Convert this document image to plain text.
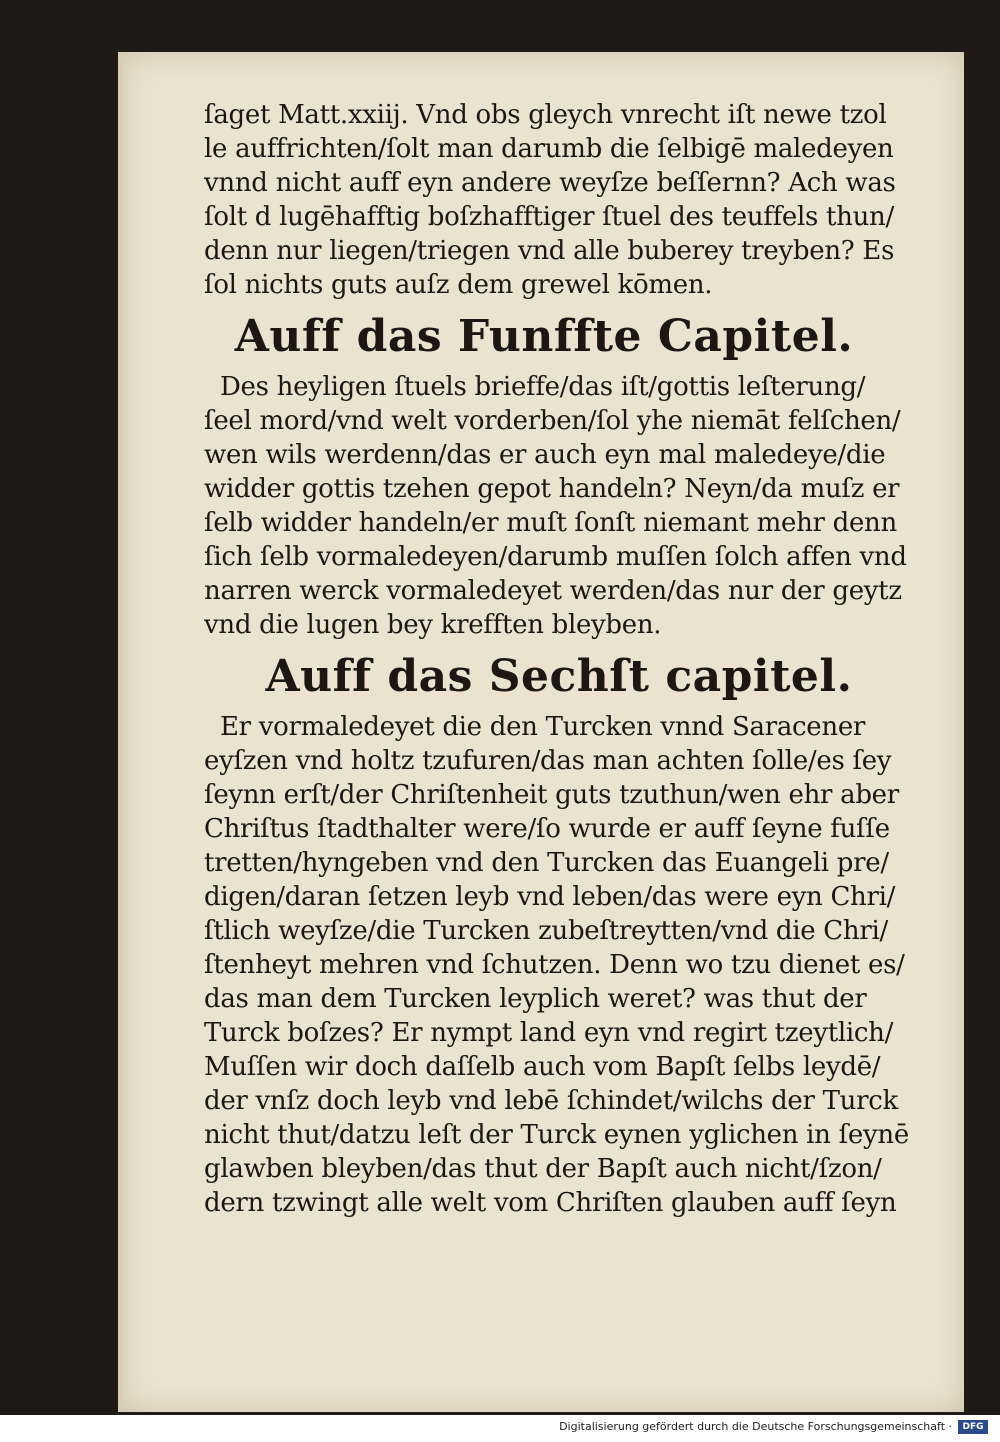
ſaget Matt.xxiij. Vnd obs gleych vnrecht iſt newe tzol
le auffrichten/ſolt man darumb die ſelbigē maledeyen
vnnd nicht auff eyn andere weyſze beſſernn? Ach was
ſolt d lugēhafftig boſzhafftiger ſtuel des teuffels thun/
denn nur liegen/triegen vnd alle buberey treyben? Es
ſol nichts guts auſz dem grewel kōmen.
Auff das Funffte Capitel.
Des heyligen ſtuels brieffe/das iſt/gottis leſterung/
ſeel mord/vnd welt vorderben/ſol yhe niemāt felſchen/
wen wils werdenn/das er auch eyn mal maledeye/die
widder gottis tzehen gepot handeln? Neyn/da muſz er
ſelb widder handeln/er muſt ſonſt niemant mehr denn
ſich ſelb vormaledeyen/darumb muſſen ſolch affen vnd
narren werck vormaledeyet werden/das nur der geytz
vnd die lugen bey krefften bleyben.
Auff das Sechſt capitel.
Er vormaledeyet die den Turcken vnnd Saracener
eyſzen vnd holtz tzufuren/das man achten ſolle/es ſey
ſeynn erſt/der Chriſtenheit guts tzuthun/wen ehr aber
Chriſtus ſtadthalter were/ſo wurde er auff ſeyne fuſſe
tretten/hyngeben vnd den Turcken das Euangeli pre/
digen/daran ſetzen leyb vnd leben/das were eyn Chri/
ſtlich weyſze/die Turcken zubeſtreytten/vnd die Chri/
ſtenheyt mehren vnd ſchutzen. Denn wo tzu dienet es/
das man dem Turcken leyplich weret? was thut der
Turck boſzes? Er nympt land eyn vnd regirt tzeytlich/
Muſſen wir doch daſſelb auch vom Bapſt ſelbs leydē/
der vnſz doch leyb vnd lebē ſchindet/wilchs der Turck
nicht thut/datzu leſt der Turck eynen yglichen in ſeynē
glawben bleyben/das thut der Bapſt auch nicht/ſzon/
dern tzwingt alle welt vom Chriſten glauben auff ſeyn
Digitalisierung gefördert durch die Deutsche Forschungsgemeinschaft ·	DFG
